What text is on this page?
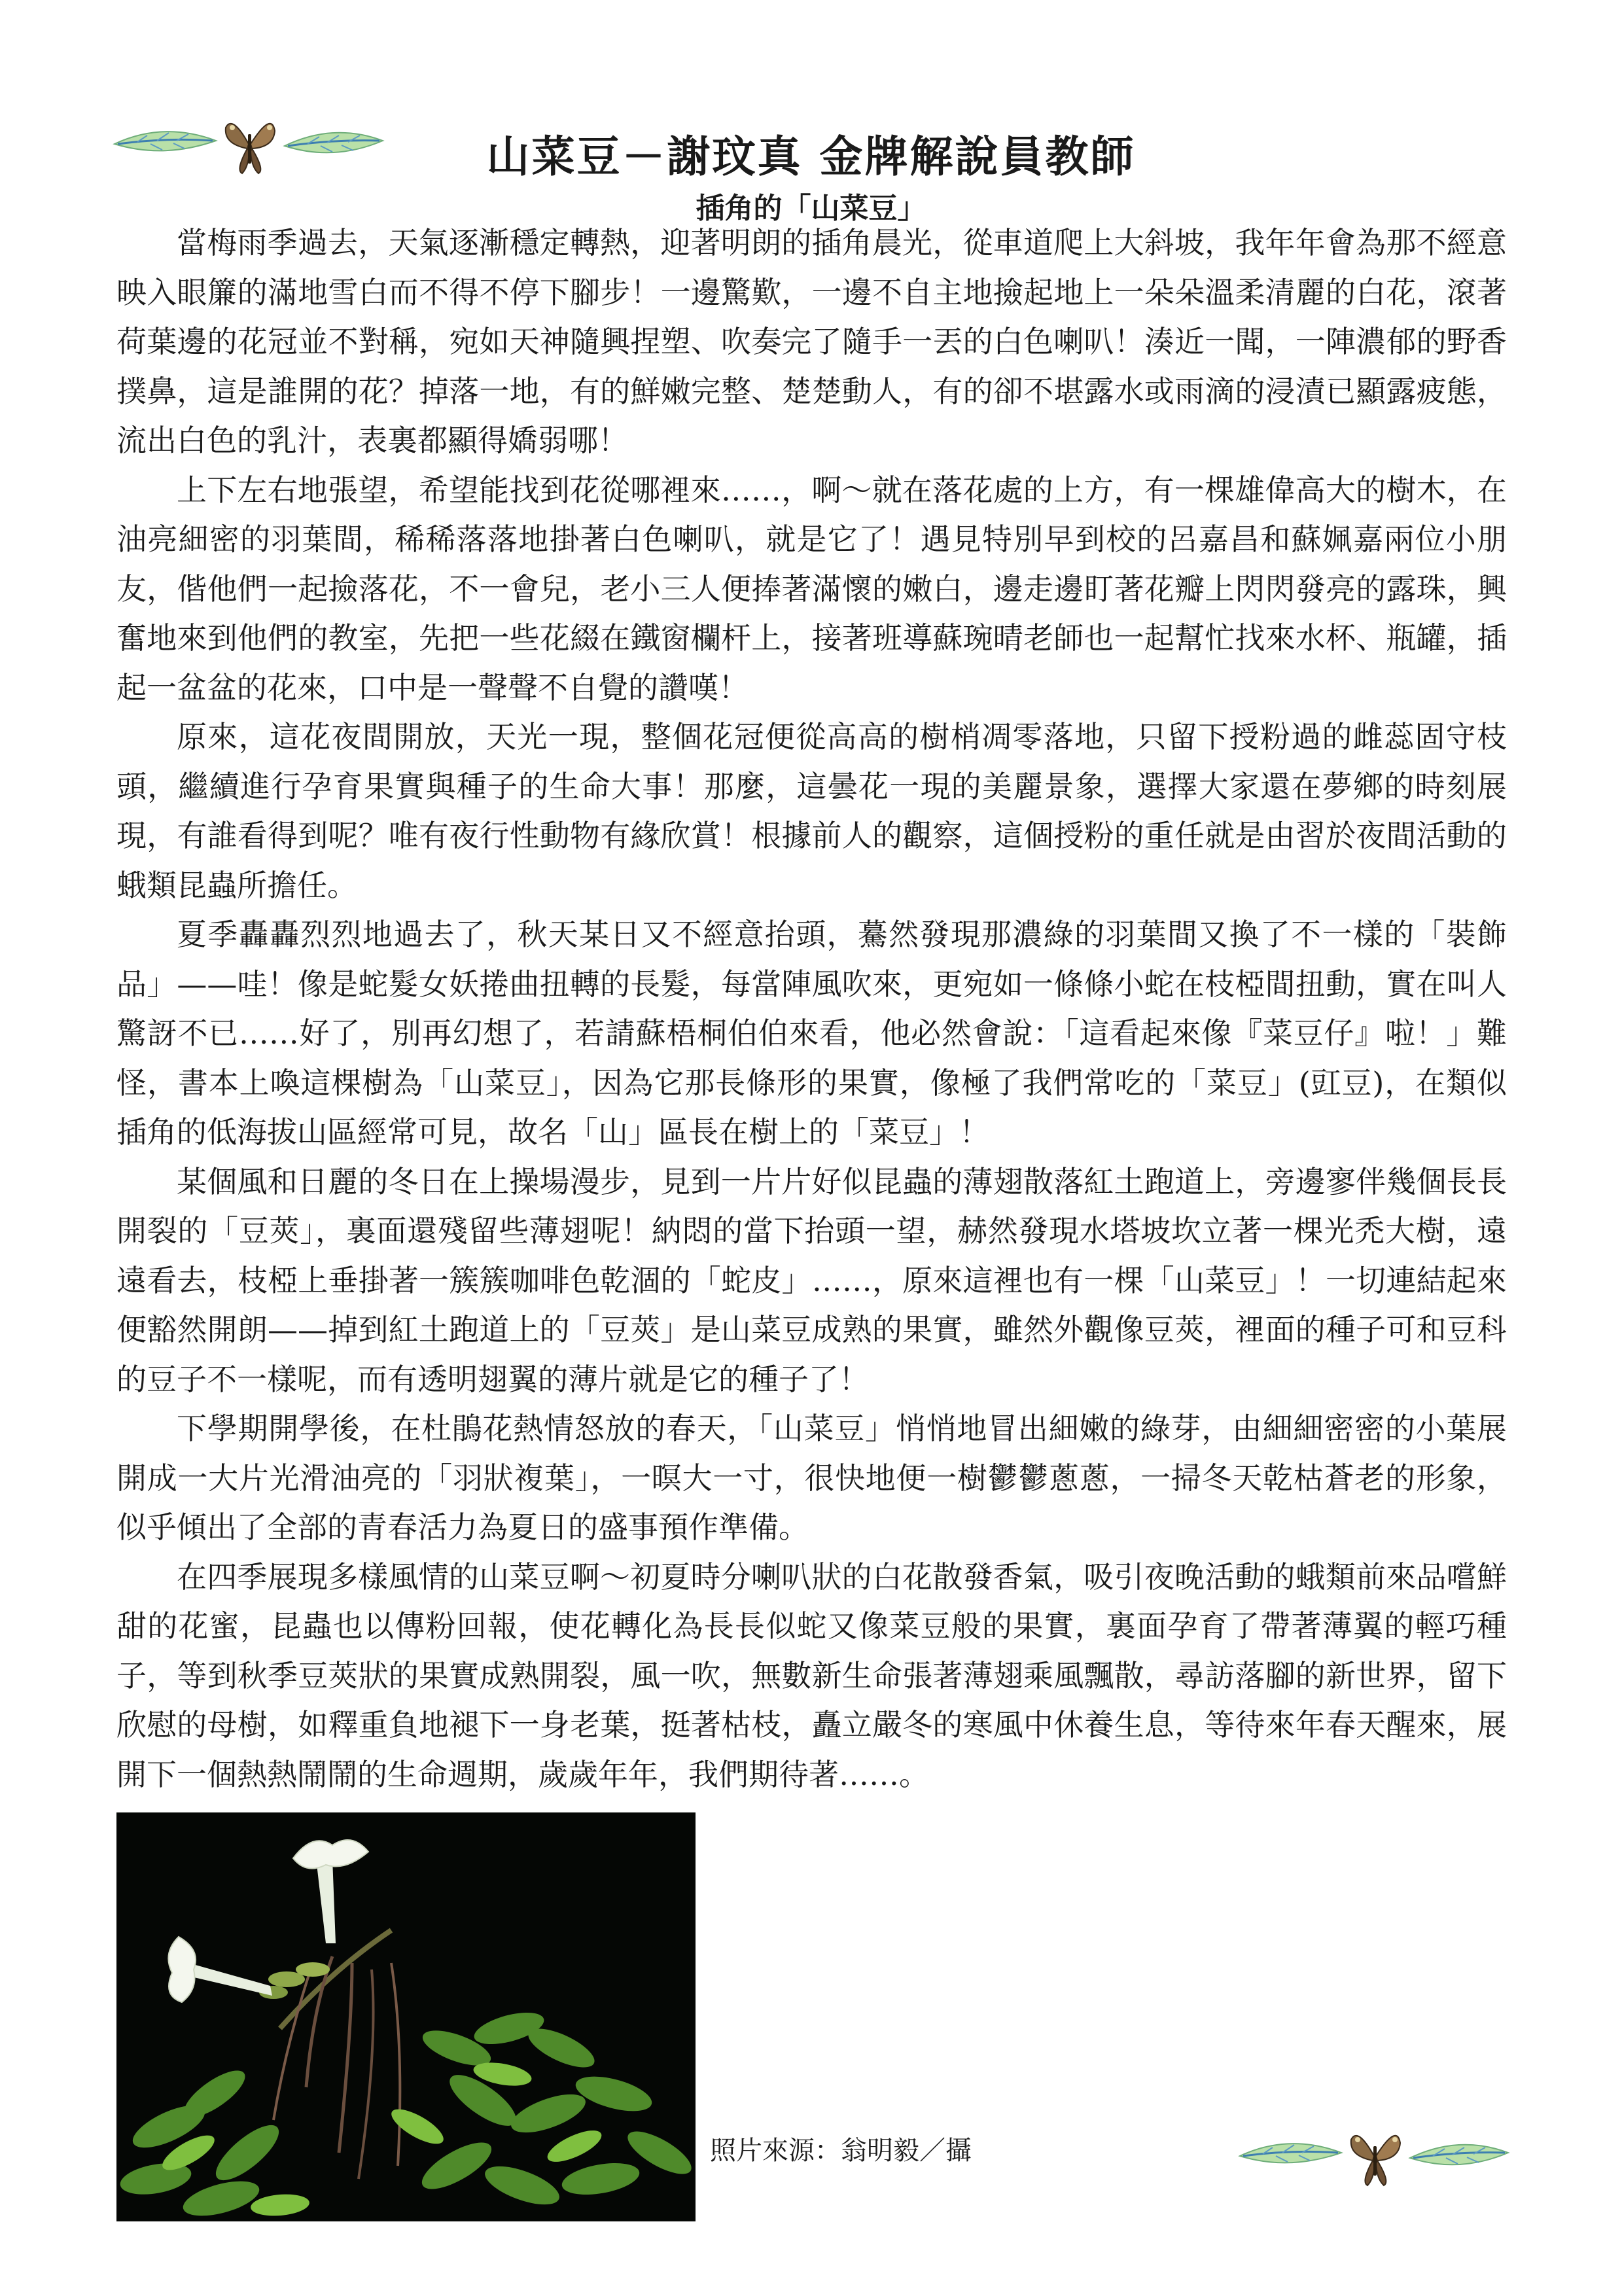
山菜豆－謝玟真 金牌解說員教師
插角的「山菜豆」

當梅雨季過去，天氣逐漸穩定轉熱，迎著明朗的插角晨光，從車道爬上大斜坡，我年年會為那不經意映入眼簾的滿地雪白而不得不停下腳步！一邊驚歎，一邊不自主地撿起地上一朵朵溫柔清麗的白花，滾著荷葉邊的花冠並不對稱，宛如天神隨興捏塑、吹奏完了隨手一丟的白色喇叭！湊近一聞，一陣濃郁的野香撲鼻，這是誰開的花？掉落一地，有的鮮嫩完整、楚楚動人，有的卻不堪露水或雨滴的浸漬已顯露疲態，流出白色的乳汁，表裏都顯得嬌弱哪！

上下左右地張望，希望能找到花從哪裡來……，啊～就在落花處的上方，有一棵雄偉高大的樹木，在油亮細密的羽葉間，稀稀落落地掛著白色喇叭，就是它了！遇見特別早到校的呂嘉昌和蘇姵嘉兩位小朋友，偕他們一起撿落花，不一會兒，老小三人便捧著滿懷的嫩白，邊走邊盯著花瓣上閃閃發亮的露珠，興奮地來到他們的教室，先把一些花綴在鐵窗欄杆上，接著班導蘇琬晴老師也一起幫忙找來水杯、瓶罐，插起一盆盆的花來，口中是一聲聲不自覺的讚嘆！

原來，這花夜間開放，天光一現，整個花冠便從高高的樹梢凋零落地，只留下授粉過的雌蕊固守枝頭，繼續進行孕育果實與種子的生命大事！那麼，這曇花一現的美麗景象，選擇大家還在夢鄉的時刻展現，有誰看得到呢？唯有夜行性動物有緣欣賞！根據前人的觀察，這個授粉的重任就是由習於夜間活動的蛾類昆蟲所擔任。

夏季轟轟烈烈地過去了，秋天某日又不經意抬頭，驀然發現那濃綠的羽葉間又換了不一樣的「裝飾品」——哇！像是蛇髮女妖捲曲扭轉的長髮，每當陣風吹來，更宛如一條條小蛇在枝椏間扭動，實在叫人驚訝不已……好了，別再幻想了，若請蘇梧桐伯伯來看，他必然會說：「這看起來像『菜豆仔』啦！」難怪，書本上喚這棵樹為「山菜豆」，因為它那長條形的果實，像極了我們常吃的「菜豆」(豇豆)，在類似插角的低海拔山區經常可見，故名「山」區長在樹上的「菜豆」！

某個風和日麗的冬日在上操場漫步，見到一片片好似昆蟲的薄翅散落紅土跑道上，旁邊寥伴幾個長長開裂的「豆莢」，裏面還殘留些薄翅呢！納悶的當下抬頭一望，赫然發現水塔坡坎立著一棵光禿大樹，遠遠看去，枝椏上垂掛著一簇簇咖啡色乾涸的「蛇皮」……，原來這裡也有一棵「山菜豆」！一切連結起來便豁然開朗——掉到紅土跑道上的「豆莢」是山菜豆成熟的果實，雖然外觀像豆莢，裡面的種子可和豆科的豆子不一樣呢，而有透明翅翼的薄片就是它的種子了！

下學期開學後，在杜鵑花熱情怒放的春天，「山菜豆」悄悄地冒出細嫩的綠芽，由細細密密的小葉展開成一大片光滑油亮的「羽狀複葉」，一暝大一寸，很快地便一樹鬱鬱蔥蔥，一掃冬天乾枯蒼老的形象，似乎傾出了全部的青春活力為夏日的盛事預作準備。

在四季展現多樣風情的山菜豆啊～初夏時分喇叭狀的白花散發香氣，吸引夜晚活動的蛾類前來品嚐鮮甜的花蜜，昆蟲也以傳粉回報，使花轉化為長長似蛇又像菜豆般的果實，裏面孕育了帶著薄翼的輕巧種子，等到秋季豆莢狀的果實成熟開裂，風一吹，無數新生命張著薄翅乘風飄散，尋訪落腳的新世界，留下欣慰的母樹，如釋重負地褪下一身老葉，挺著枯枝，矗立嚴冬的寒風中休養生息，等待來年春天醒來，展開下一個熱熱鬧鬧的生命週期，歲歲年年，我們期待著……。

照片來源：翁明毅／攝
